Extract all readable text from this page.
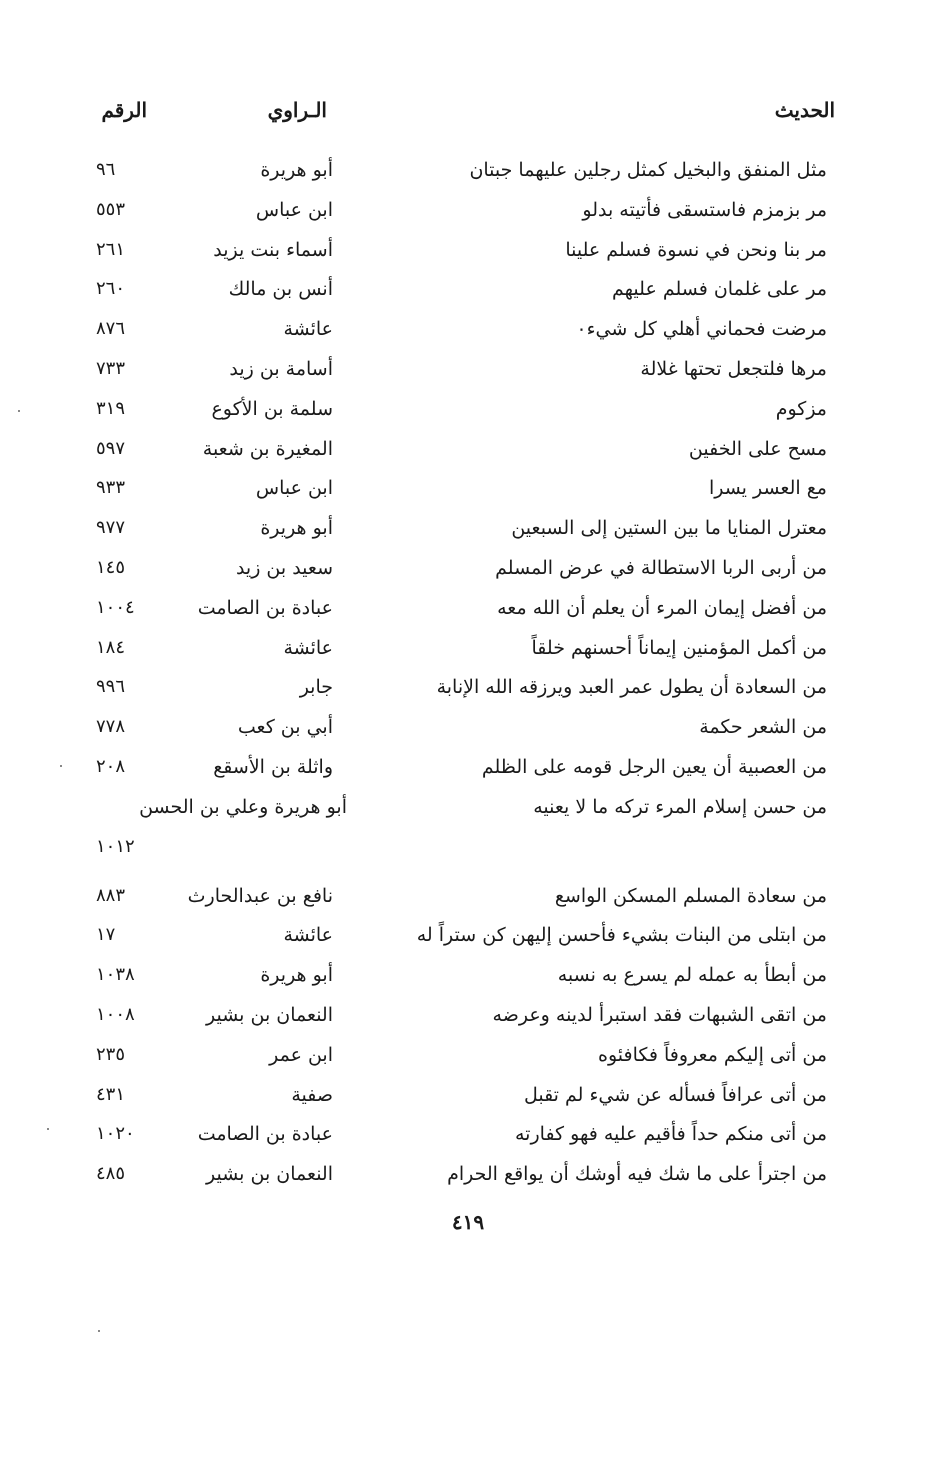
الحديث
الـراوي
الرقم
مثل المنفق والبخيل كمثل رجلين عليهما جبتان
أبو هريرة
٩٦
مر بزمزم فاستسقى فأتيته بدلو
ابن عباس
٥٥٣
مر بنا ونحن في نسوة فسلم علينا
أسماء بنت يزيد
٢٦١
مر على غلمان فسلم عليهم
أنس بن مالك
٢٦٠
مرضت فحماني أهلي كل شيء٠
عائشة
٨٧٦
مرها فلتجعل تحتها غلالة
أسامة بن زيد
٧٣٣
مزكوم
سلمة بن الأكوع
٣١٩
مسح على الخفين
المغيرة بن شعبة
٥٩٧
مع العسر يسرا
ابن عباس
٩٣٣
معترل المنايا ما بين الستين إلى السبعين
أبو هريرة
٩٧٧
من أربى الربا الاستطالة في عرض المسلم
سعيد بن زيد
١٤٥
من أفضل إيمان المرء أن يعلم أن الله معه
عبادة بن الصامت
١٠٠٤
من أكمل المؤمنين إيماناً أحسنهم خلقاً
عائشة
١٨٤
من السعادة أن يطول عمر العبد ويرزقه الله الإنابة
جابر
٩٩٦
من الشعر حكمة
أبي بن كعب
٧٧٨
من العصبية أن يعين الرجل قومه على الظلم
واثلة بن الأسقع
٢٠٨
من حسن إسلام المرء تركه ما لا يعنيه
أبو هريرة وعلي بن الحسن
١٠١٢
من سعادة المسلم المسكن الواسع
نافع بن عبدالحارث
٨٨٣
من ابتلى من البنات بشيء فأحسن إليهن كن ستراً له
عائشة
١٧
من أبطأ به عمله لم يسرع به نسبه
أبو هريرة
١٠٣٨
من اتقى الشبهات فقد استبرأ لدينه وعرضه
النعمان بن بشير
١٠٠٨
من أتى إليكم معروفاً فكافئوه
ابن عمر
٢٣٥
من أتى عرافاً فسأله عن شيء لم تقبل
صفية
٤٣١
من أتى منكم حداً فأقيم عليه فهو كفارته
عبادة بن الصامت
١٠٢٠
من اجترأ على ما شك فيه أوشك أن يواقع الحرام
النعمان بن بشير
٤٨٥
٤١٩
